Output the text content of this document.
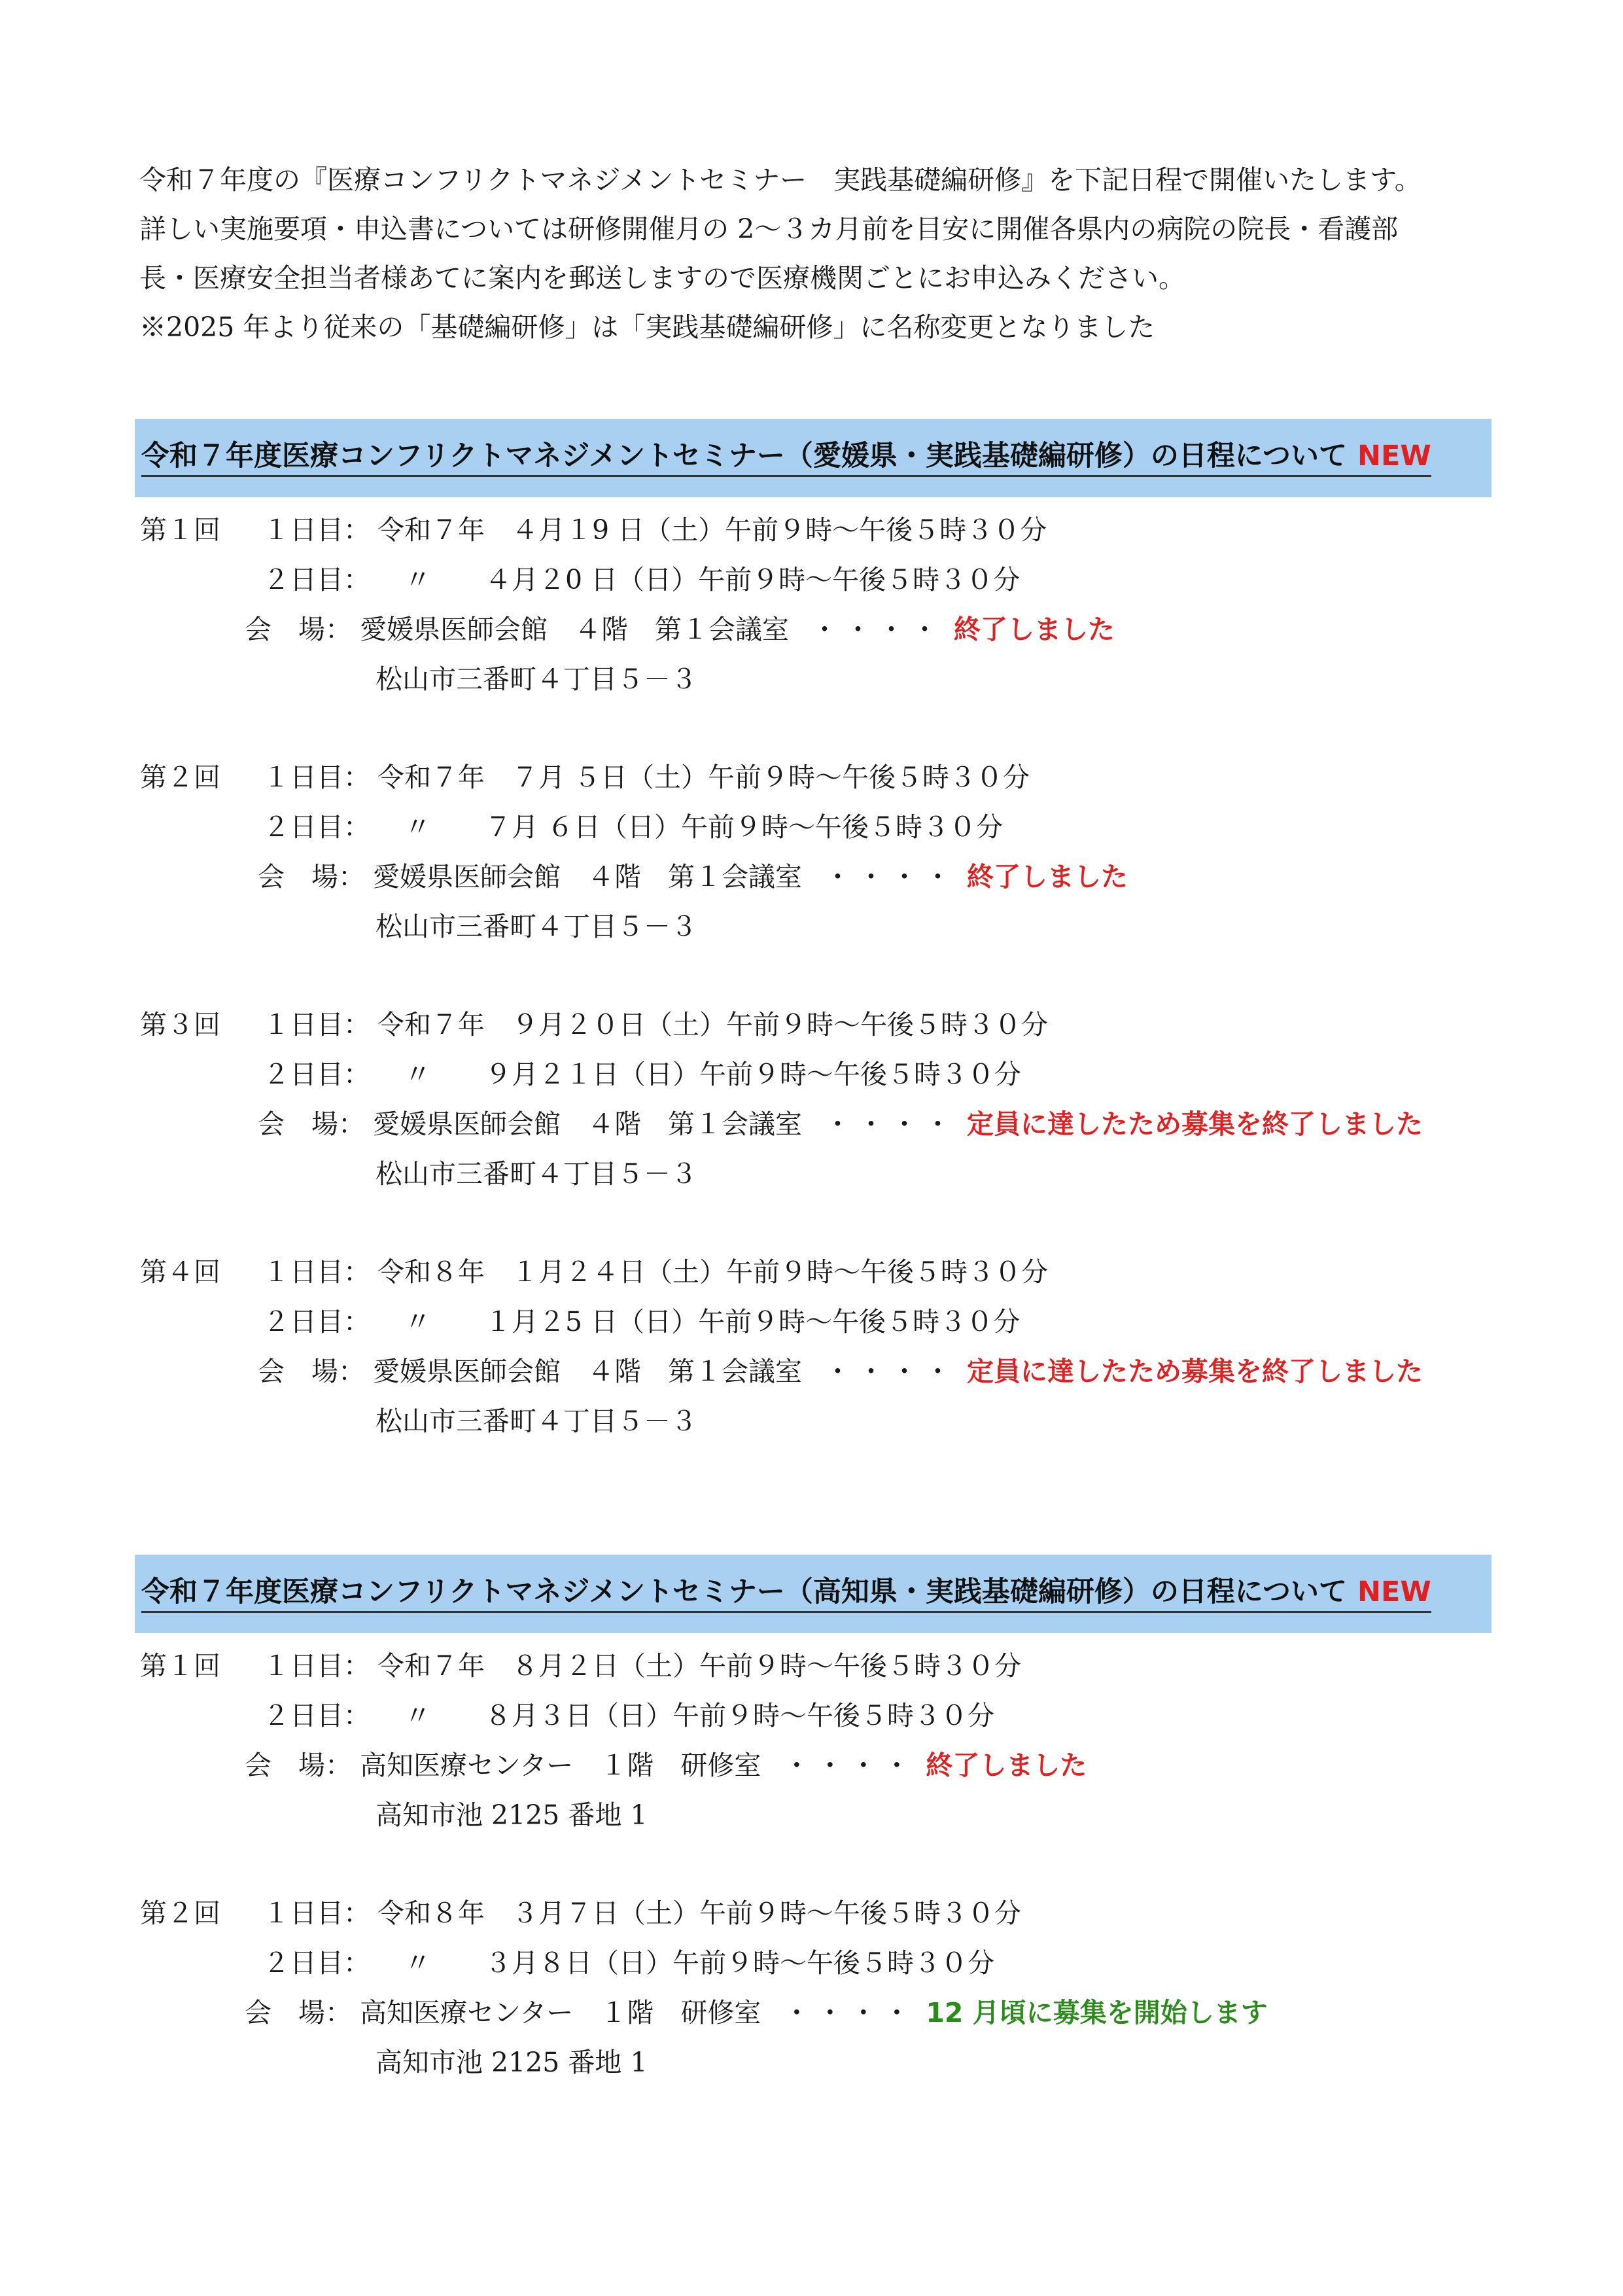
令和７年度の『医療コンフリクトマネジメントセミナー　実践基礎編研修』を下記日程で開催いたします。

詳しい実施要項・申込書については研修開催月の 2～３カ月前を目安に開催各県内の病院の院長・看護部

長・医療安全担当者様あてに案内を郵送しますので医療機関ごとにお申込みください。

※2025 年より従来の「基礎編研修」は「実践基礎編研修」に名称変更となりました

令和７年度医療コンフリクトマネジメントセミナー（愛媛県・実践基礎編研修）の日程について NEW
第１回 １日目： 令和７年　４月１9 日（土）午前９時～午後５時３０分
２日目： 　〃　　４月２0 日（日）午前９時～午後５時３０分
会　場： 愛媛県医師会館　４階　第１会議室 ・・・・ 終了しました
松山市三番町４丁目５－３
第２回 １日目： 令和７年　７月 ５日（土）午前９時～午後５時３０分
２日目： 　〃　　７月 ６日（日）午前９時～午後５時３０分
会　場： 愛媛県医師会館　４階　第１会議室 ・・・・ 終了しました
松山市三番町４丁目５－３
第３回 １日目： 令和７年　９月２０日（土）午前９時～午後５時３０分
２日目： 　〃　　９月２１日（日）午前９時～午後５時３０分
会　場： 愛媛県医師会館　４階　第１会議室 ・・・・ 定員に達したため募集を終了しました
松山市三番町４丁目５－３
第４回 １日目： 令和８年　１月２４日（土）午前９時～午後５時３０分
２日目： 　〃　　１月２5 日（日）午前９時～午後５時３０分
会　場： 愛媛県医師会館　４階　第１会議室 ・・・・ 定員に達したため募集を終了しました
松山市三番町４丁目５－３
令和７年度医療コンフリクトマネジメントセミナー（高知県・実践基礎編研修）の日程について NEW
第１回 １日目： 令和７年　８月２日（土）午前９時～午後５時３０分
２日目： 　〃　　８月３日（日）午前９時～午後５時３０分
会　場： 高知医療センター　１階　研修室 ・・・・ 終了しました
高知市池 2125 番地 1
第２回 １日目： 令和８年　３月７日（土）午前９時～午後５時３０分
２日目： 　〃　　３月８日（日）午前９時～午後５時３０分
会　場： 高知医療センター　１階　研修室 ・・・・ 12 月頃に募集を開始します
高知市池 2125 番地 1
